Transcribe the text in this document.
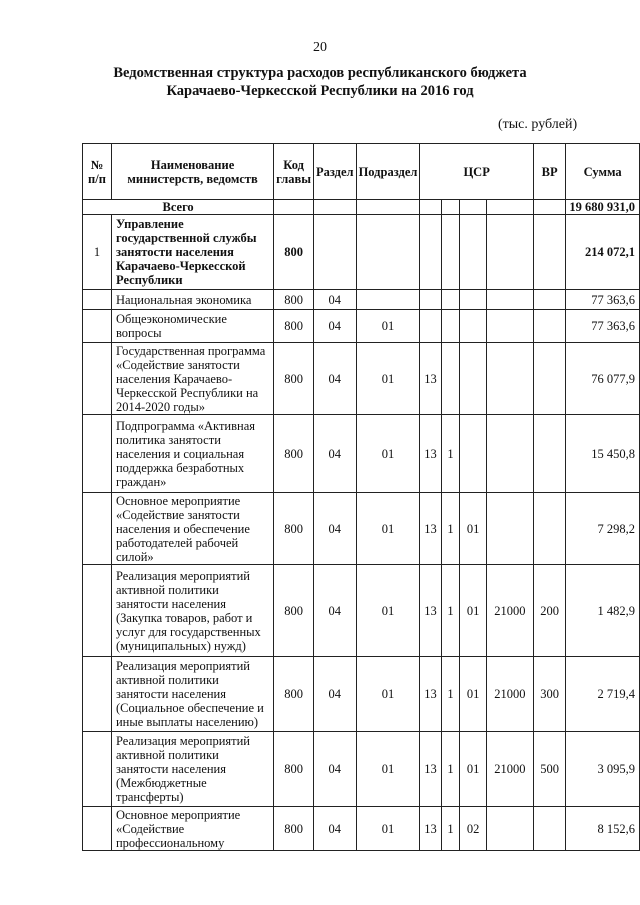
20
Ведомственная структура расходов республиканского бюджета
Карачаево-Черкесской Республики на 2016 год
(тыс. рублей)
№ п/п	Наименование министерств, ведомств	Код главы	Раздел	Подраздел	ЦСР				ВР	Сумма
Всего										19 680 931,0
1	Управление государственной службы занятости населения Карачаево-Черкесской Республики	800								214 072,1
	Национальная экономика	800	04							77 363,6
	Общеэкономические вопросы	800	04	01						77 363,6
	Государственная программа «Содействие занятости населения Карачаево-Черкесской Республики на 2014-2020 годы»	800	04	01	13					76 077,9
	Подпрограмма «Активная политика занятости населения и социальная поддержка безработных граждан»	800	04	01	13	1				15 450,8
	Основное мероприятие «Содействие занятости населения и обеспечение работодателей рабочей силой»	800	04	01	13	1	01			7 298,2
	Реализация мероприятий активной политики занятости населения (Закупка товаров, работ и услуг для государственных (муниципальных) нужд)	800	04	01	13	1	01	21000	200	1 482,9
	Реализация мероприятий активной политики занятости населения (Социальное обеспечение и иные выплаты населению)	800	04	01	13	1	01	21000	300	2 719,4
	Реализация мероприятий активной политики занятости населения (Межбюджетные трансферты)	800	04	01	13	1	01	21000	500	3 095,9
	Основное мероприятие «Содействие профессиональному	800	04	01	13	1	02			8 152,6
